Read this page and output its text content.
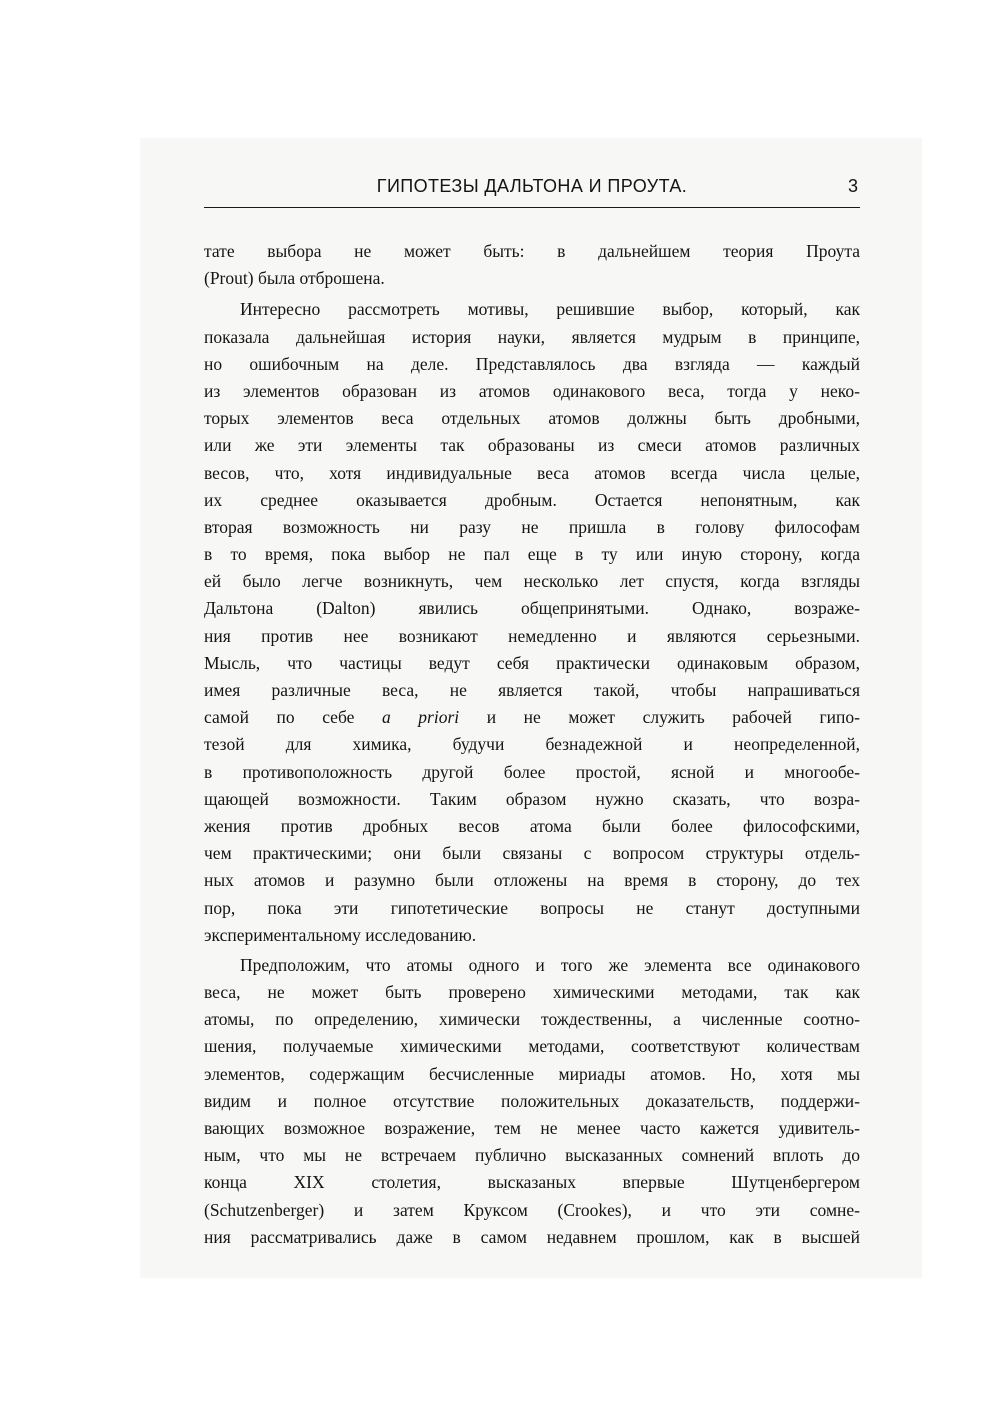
ГИПОТЕЗЫ ДАЛЬТОНА И ПРОУТА.	3
тате выбора не может быть: в дальнейшем теория Проута
(Prout) была отброшена.
Интересно рассмотреть мотивы, решившие выбор, который, как
показала дальнейшая история науки, является мудрым в принципе,
но ошибочным на деле. Представлялось два взгляда — каждый
из элементов образован из атомов одинакового веса, тогда у неко-
торых элементов веса отдельных атомов должны быть дробными,
или же эти элементы так образованы из смеси атомов различных
весов, что, хотя индивидуальные веса атомов всегда числа целые,
их среднее оказывается дробным. Остается непонятным, как
вторая возможность ни разу не пришла в голову философам
в то время, пока выбор не пал еще в ту или иную сторону, когда
ей было легче возникнуть, чем несколько лет спустя, когда взгляды
Дальтона (Dalton) явились общепринятыми. Однако, возраже-
ния против нее возникают немедленно и являются серьезными.
Мысль, что частицы ведут себя практически одинаковым образом,
имея различные веса, не является такой, чтобы напрашиваться
самой по себе a priori и не может служить рабочей гипо-
тезой для химика, будучи безнадежной и неопределенной,
в противоположность другой более простой, ясной и многообе-
щающей возможности. Таким образом нужно сказать, что возра-
жения против дробных весов атома были более философскими,
чем практическими; они были связаны с вопросом структуры отдель-
ных атомов и разумно были отложены на время в сторону, до тех
пор, пока эти гипотетические вопросы не станут доступными
экспериментальному исследованию.
Предположим, что атомы одного и того же элемента все одинакового
веса, не может быть проверено химическими методами, так как
атомы, по определению, химически тождественны, а численные соотно-
шения, получаемые химическими методами, соответствуют количествам
элементов, содержащим бесчисленные мириады атомов. Но, хотя мы
видим и полное отсутствие положительных доказательств, поддержи-
вающих возможное возражение, тем не менее часто кажется удивитель-
ным, что мы не встречаем публично высказанных сомнений вплоть до
конца XIX столетия, высказаных впервые Шутценбергером
(Schutzenberger) и затем Круксом (Crookes), и что эти сомне-
ния рассматривались даже в самом недавнем прошлом, как в высшей
